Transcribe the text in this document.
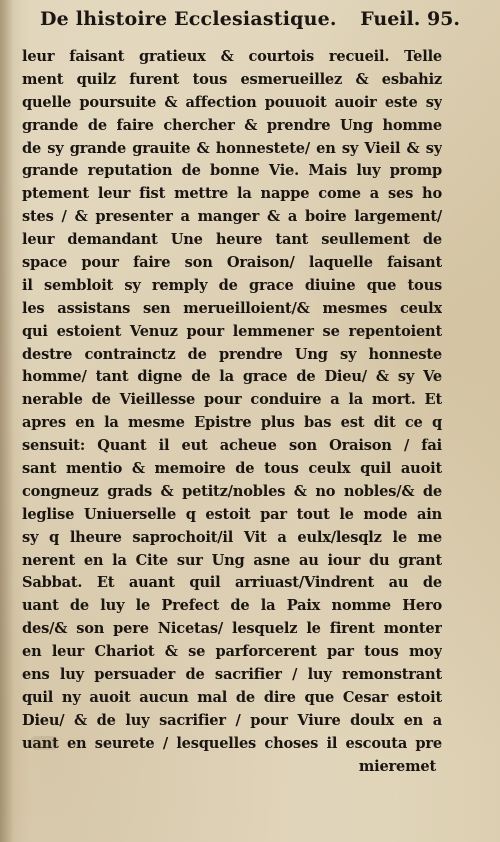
De lhistoire Ecclesiastique. Fueil. 95.
leur faisant gratieux & courtois recueil. Telle
ment quilz furent tous esmerueillez & esbahiz
quelle poursuite & affection pouuoit auoir este sy
grande de faire chercher & prendre Ung homme
de sy grande grauite & honnestete/ en sy Vieil & sy
grande reputation de bonne Vie. Mais luy promp
ptement leur fist mettre la nappe come a ses ho
stes / & presenter a manger & a boire largement/
leur demandant Une heure tant seullement de
space pour faire son Oraison/ laquelle faisant
il sembloit sy remply de grace diuine que tous
les assistans sen merueilloient/& mesmes ceulx
qui estoient Venuz pour lemmener se repentoient
destre contrainctz de prendre Ung sy honneste
homme/ tant digne de la grace de Dieu/ & sy Ve
nerable de Vieillesse pour conduire a la mort. Et
apres en la mesme Epistre plus bas est dit ce q
sensuit: Quant il eut acheue son Oraison / fai
sant mentio & memoire de tous ceulx quil auoit
congneuz grads & petitz/nobles & no nobles/& de
leglise Uniuerselle q estoit par tout le mode ain
sy q lheure saprochoit/il Vit a eulx/lesqlz le me
nerent en la Cite sur Ung asne au iour du grant
Sabbat. Et auant quil arriuast/Vindrent au de
uant de luy le Prefect de la Paix nomme Hero
des/& son pere Nicetas/ lesquelz le firent monter
en leur Chariot & se parforcerent par tous moy
ens luy persuader de sacrifier / luy remonstrant
quil ny auoit aucun mal de dire que Cesar estoit
Dieu/ & de luy sacrifier / pour Viure doulx en a
uant en seurete / lesquelles choses il escouta pre
mieremet
